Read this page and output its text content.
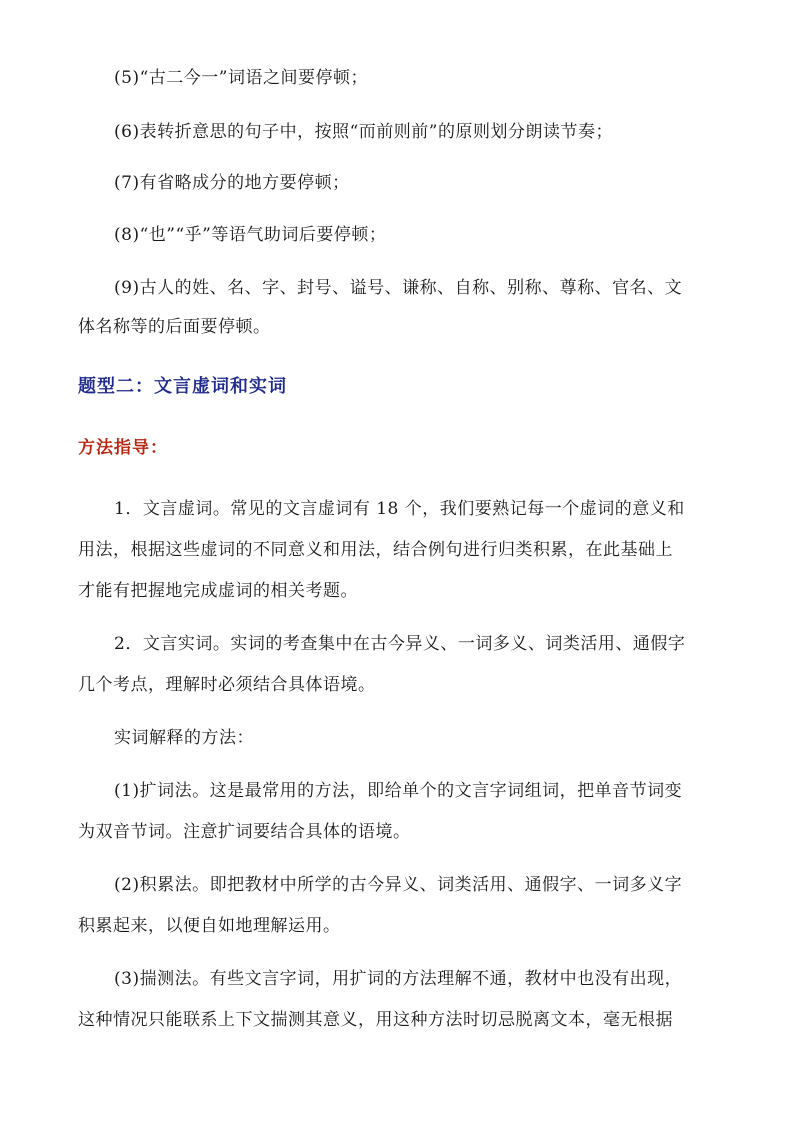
(5)“古二今一”词语之间要停顿；
(6)表转折意思的句子中，按照“而前则前”的原则划分朗读节奏；
(7)有省略成分的地方要停顿；
(8)“也”“乎”等语气助词后要停顿；
(9)古人的姓、名、字、封号、谥号、谦称、自称、别称、尊称、官名、文
体名称等的后面要停顿。
题型二：文言虚词和实词
方法指导：
1．文言虚词。常见的文言虚词有 18 个，我们要熟记每一个虚词的意义和
用法，根据这些虚词的不同意义和用法，结合例句进行归类积累，在此基础上
才能有把握地完成虚词的相关考题。
2．文言实词。实词的考查集中在古今异义、一词多义、词类活用、通假字
几个考点，理解时必须结合具体语境。
实词解释的方法：
(1)扩词法。这是最常用的方法，即给单个的文言字词组词，把单音节词变
为双音节词。注意扩词要结合具体的语境。
(2)积累法。即把教材中所学的古今异义、词类活用、通假字、一词多义字
积累起来，以便自如地理解运用。
(3)揣测法。有些文言字词，用扩词的方法理解不通，教材中也没有出现，
这种情况只能联系上下文揣测其意义，用这种方法时切忌脱离文本，毫无根据
